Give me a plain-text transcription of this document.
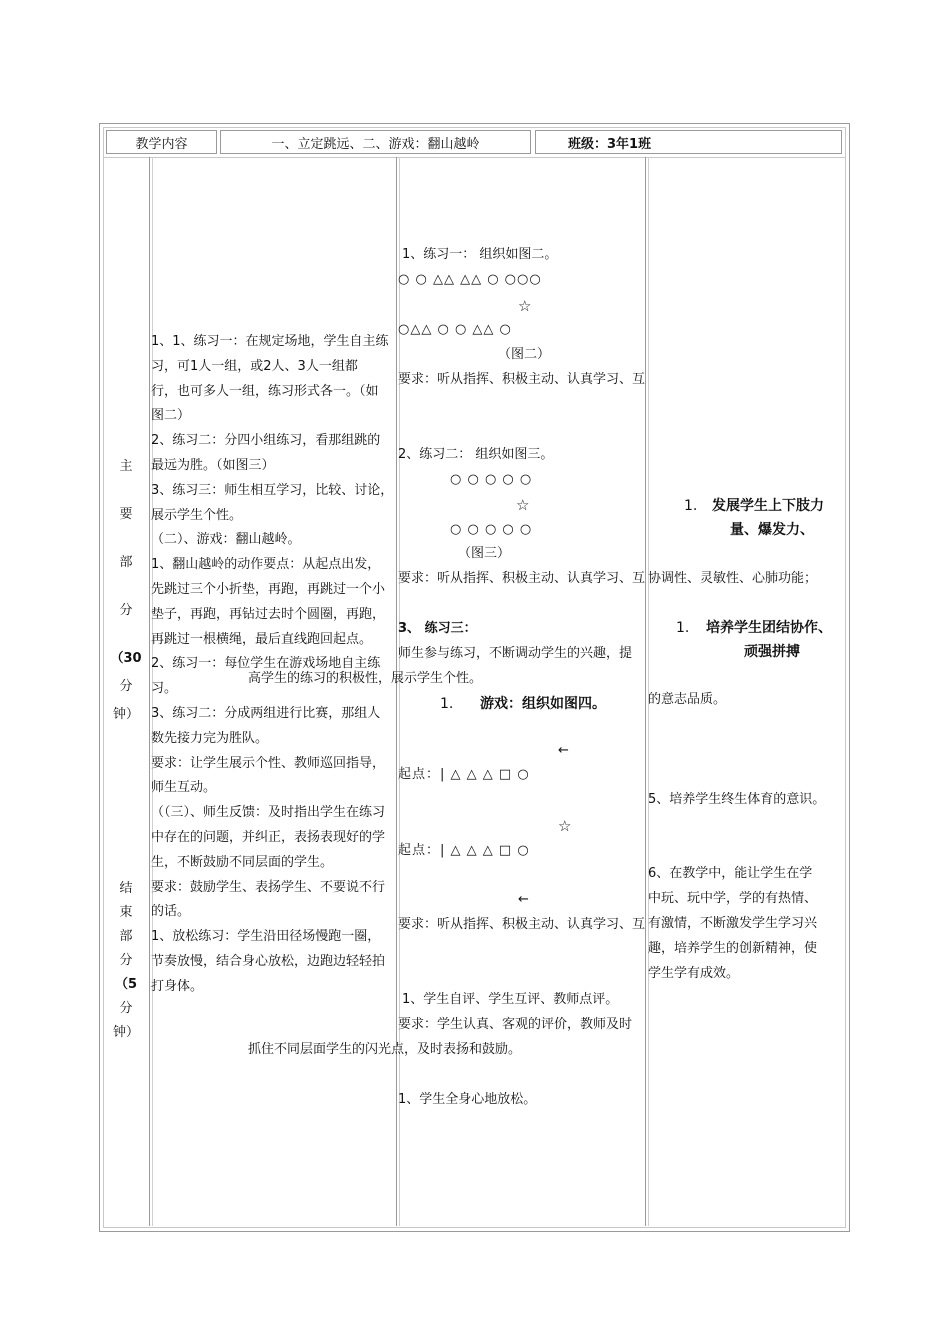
教学内容	一、立定跳远、二、游戏：翻山越岭	班级：3年1班
主
要
部
分
（30
分
钟）
结
束
部
分
（5
分
钟）
1、1、练习一：在规定场地，学生自主练
习，可1人一组，或2人、3人一组都
行，也可多人一组，练习形式各一。（如
图二）
2、练习二：分四小组练习，看那组跳的
最远为胜。（如图三）
3、练习三：师生相互学习，比较、讨论，
展示学生个性。
（二）、游戏：翻山越岭。
1、翻山越岭的动作要点：从起点出发，
先跳过三个小折垫，再跑，再跳过一个小
垫子，再跑，再钻过去时个圆圈，再跑，
再跳过一根横绳，最后直线跑回起点。
2、练习一：每位学生在游戏场地自主练
习。
3、练习二：分成两组进行比赛，那组人
数先接力完为胜队。
要求：让学生展示个性、教师巡回指导，
师生互动。
（（三）、师生反馈：及时指出学生在练习
中存在的问题，并纠正，表扬表现好的学
生，不断鼓励不同层面的学生。
要求：鼓励学生、表扬学生、不要说不行
的话。
1、放松练习：学生沿田径场慢跑一圈，
节奏放慢，结合身心放松，边跑边轻轻拍
打身体。
1、练习一： 组织如图二。
○ ○ △△ △△ ○ ○○○
☆
○△△ ○ ○ △△ ○
（图二）
要求：听从指挥、积极主动、认真学习、互
2、练习二： 组织如图三。
○ ○ ○ ○ ○
☆
○ ○ ○ ○ ○
（图三）
要求：听从指挥、积极主动、认真学习、互
3、 练习三：
师生参与练习，不断调动学生的兴趣，提
高学生的练习的积极性，展示学生个性。
1. 游戏：组织如图四。
←
起点：| △ △ △ □ ○
☆
起点：| △ △ △ □ ○
←
要求：听从指挥、积极主动、认真学习、互
1、学生自评、学生互评、教师点评。
要求：学生认真、客观的评价，教师及时
抓住不同层面学生的闪光点，及时表扬和鼓励。
1、学生全身心地放松。
1. 发展学生上下肢力
量、爆发力、
协调性、灵敏性、心肺功能；
1. 培养学生团结协作、
顽强拼搏
的意志品质。
5、培养学生终生体育的意识。
6、在教学中，能让学生在学
中玩、玩中学，学的有热情、
有激情，不断激发学生学习兴
趣，培养学生的创新精神，使
学生学有成效。
